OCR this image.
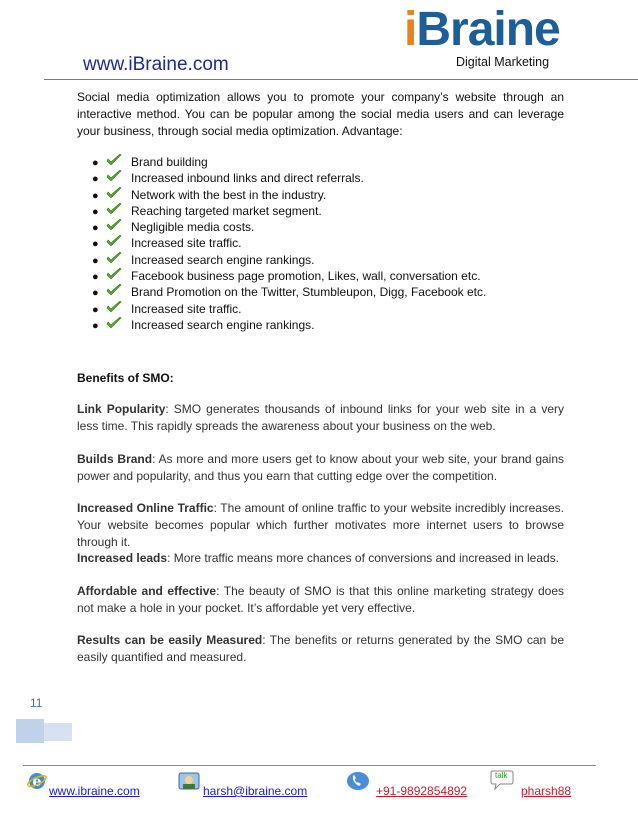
www.iBraine.com
iBraine
Digital Marketing
Social media optimization allows you to promote your company’s website through an interactive method. You can be popular among the social media users and can leverage your business, through social media optimization. Advantage:
●	Brand building
●	Increased inbound links and direct referrals.
●	Network with the best in the industry.
●	Reaching targeted market segment.
●	Negligible media costs.
●	Increased site traffic.
●	Increased search engine rankings.
●	Facebook business page promotion, Likes, wall, conversation etc.
●	Brand Promotion on the Twitter, Stumbleupon, Digg, Facebook etc.
●	Increased site traffic.
●	Increased search engine rankings.
Benefits of SMO:
Link Popularity: SMO generates thousands of inbound links for your web site in a very less time. This rapidly spreads the awareness about your business on the web.
Builds Brand: As more and more users get to know about your web site, your brand gains power and popularity, and thus you earn that cutting edge over the competition.
Increased Online Traffic: The amount of online traffic to your website incredibly increases. Your website becomes popular which further motivates more internet users to browse through it.
Increased leads: More traffic means more chances of conversions and increased in leads.
Affordable and effective: The beauty of SMO is that this online marketing strategy does not make a hole in your pocket. It’s affordable yet very effective.
Results can be easily Measured: The benefits or returns generated by the SMO can be easily quantified and measured.
11
e
www.ibraine.com	harsh@ibraine.com	+91-9892854892
talk
pharsh88
